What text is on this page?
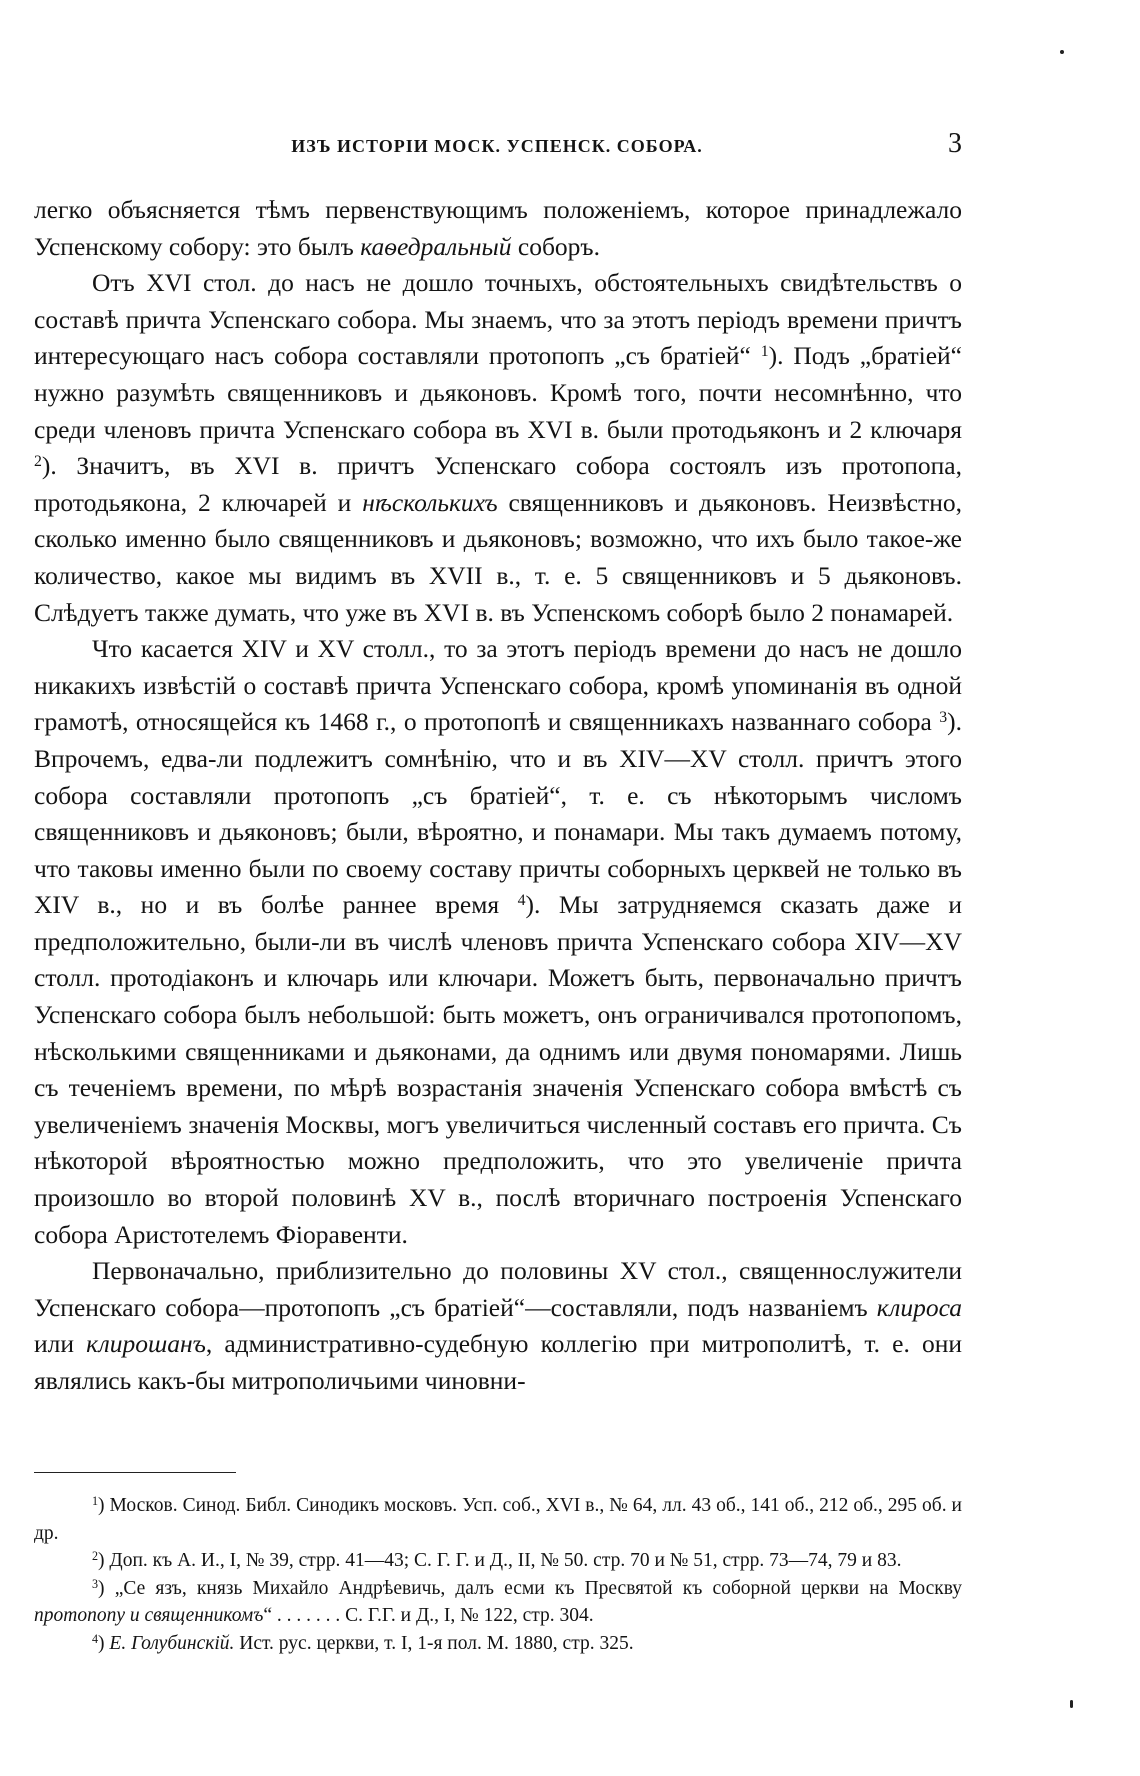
ИЗЪ ИСТОРІИ МОСК. УСПЕНСК. СОБОРА.	3

легко объясняется тѣмъ первенствующимъ положеніемъ, которое принадлежало Успенскому собору: это былъ каѳедральный соборъ.

Отъ XVI стол. до насъ не дошло точныхъ, обстоятельныхъ свидѣтельствъ о составѣ причта Успенскаго собора. Мы знаемъ, что за этотъ періодъ времени причтъ интересующаго насъ собора составляли протопопъ „съ братіей“ $^1$). Подъ „братіей“ нужно разумѣть священниковъ и дьяконовъ. Кромѣ того, почти несомнѣнно, что среди членовъ причта Успенскаго собора въ XVI в. были протодьяконъ и 2 ключаря $^2$). Значитъ, въ XVI в. причтъ Успенскаго собора состоялъ изъ протопопа, протодьякона, 2 ключарей и нѣсколькихъ священниковъ и дьяконовъ. Неизвѣстно, сколько именно было священниковъ и дьяконовъ; возможно, что ихъ было такое-же количество, какое мы видимъ въ XVII в., т. е. 5 священниковъ и 5 дьяконовъ. Слѣдуетъ также думать, что уже въ XVI в. въ Успенскомъ соборѣ было 2 понамарей.

Что касается XIV и XV столл., то за этотъ періодъ времени до насъ не дошло никакихъ извѣстій о составѣ причта Успенскаго собора, кромѣ упоминанія въ одной грамотѣ, относящейся къ 1468 г., о протопопѣ и священникахъ названнаго собора $^3$). Впрочемъ, едва-ли подлежитъ сомнѣнію, что и въ XIV—XV столл. причтъ этого собора составляли протопопъ „съ братіей“, т. е. съ нѣкоторымъ числомъ священниковъ и дьяконовъ; были, вѣроятно, и понамари. Мы такъ думаемъ потому, что таковы именно были по своему составу причты соборныхъ церквей не только въ XIV в., но и въ болѣе раннее время $^4$). Мы затрудняемся сказать даже и предположительно, были-ли въ числѣ членовъ причта Успенскаго собора XIV—XV столл. протодіаконъ и ключарь или ключари. Можетъ быть, первоначально причтъ Успенскаго собора былъ небольшой: быть можетъ, онъ ограничивался протопопомъ, нѣсколькими священниками и дьяконами, да однимъ или двумя пономарями. Лишь съ теченіемъ времени, по мѣрѣ возрастанія значенія Успенскаго собора вмѣстѣ съ увеличеніемъ значенія Москвы, могъ увеличиться численный составъ его причта. Съ нѣкоторой вѣроятностью можно предположить, что это увеличеніе причта произошло во второй половинѣ XV в., послѣ вторичнаго построенія Успенскаго собора Аристотелемъ Фіоравенти.

Первоначально, приблизительно до половины XV стол., священнослужители Успенскаго собора—протопопъ „съ братіей“—составляли, подъ названіемъ клироса или клирошанъ, административно-судебную коллегію при митрополитѣ, т. е. они являлись какъ-бы митрополичьими чиновни-

$^1$) Москов. Синод. Библ. Синодикъ московъ. Усп. соб., XVI в., № 64, лл. 43 об., 141 об., 212 об., 295 об. и др.

$^2$) Доп. къ А. И., I, № 39, стрр. 41—43; С. Г. Г. и Д., II, № 50. стр. 70 и № 51, стрр. 73—74, 79 и 83.

$^3$) „Се язъ, князь Михайло Андрѣевичь, далъ есми къ Пресвятой къ соборной церкви на Москву протопопу и священникомъ“ . . . . . . . С. Г.Г. и Д., I, № 122, стр. 304.

$^4$) Е. Голубинскій. Ист. рус. церкви, т. I, 1-я пол. М. 1880, стр. 325.
